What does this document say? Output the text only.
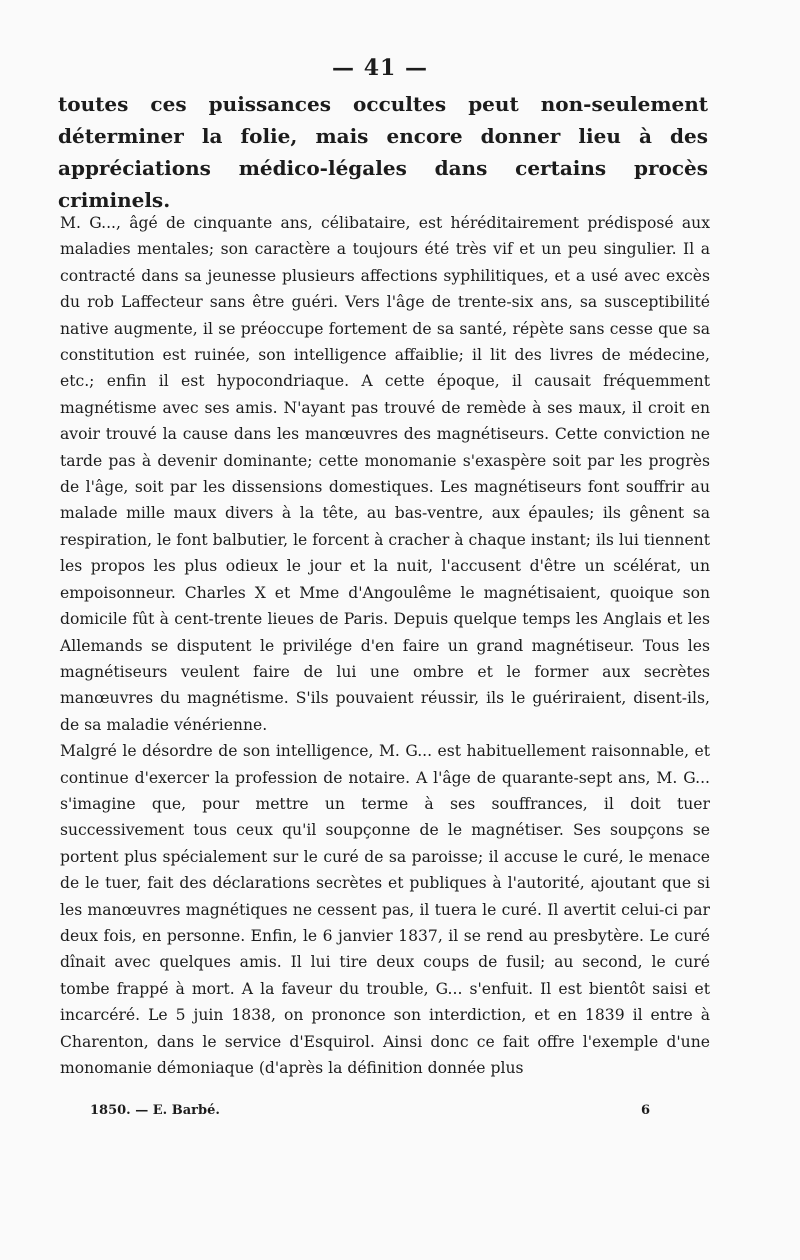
— 41 —

toutes ces puissances occultes peut non-seulement déterminer la folie, mais encore donner lieu à des appréciations médico-légales dans certains procès criminels.

M. G..., âgé de cinquante ans, célibataire, est héréditairement prédisposé aux maladies mentales; son caractère a toujours été très vif et un peu singulier. Il a contracté dans sa jeunesse plusieurs affections syphilitiques, et a usé avec excès du rob Laffecteur sans être guéri. Vers l'âge de trente-six ans, sa susceptibilité native augmente, il se préoccupe fortement de sa santé, répète sans cesse que sa constitution est ruinée, son intelligence affaiblie; il lit des livres de médecine, etc.; enfin il est hypocondriaque. A cette époque, il causait fréquemment magnétisme avec ses amis. N'ayant pas trouvé de remède à ses maux, il croit en avoir trouvé la cause dans les manœuvres des magnétiseurs. Cette conviction ne tarde pas à devenir dominante; cette monomanie s'exaspère soit par les progrès de l'âge, soit par les dissensions domestiques. Les magnétiseurs font souffrir au malade mille maux divers à la tête, au bas-ventre, aux épaules; ils gênent sa respiration, le font balbutier, le forcent à cracher à chaque instant; ils lui tiennent les propos les plus odieux le jour et la nuit, l'accusent d'être un scélérat, un empoisonneur. Charles X et Mme d'Angoulême le magnétisaient, quoique son domicile fût à cent-trente lieues de Paris. Depuis quelque temps les Anglais et les Allemands se disputent le privilége d'en faire un grand magnétiseur. Tous les magnétiseurs veulent faire de lui une ombre et le former aux secrètes manœuvres du magnétisme. S'ils pouvaient réussir, ils le guériraient, disent-ils, de sa maladie vénérienne.

Malgré le désordre de son intelligence, M. G... est habituellement raisonnable, et continue d'exercer la profession de notaire. A l'âge de quarante-sept ans, M. G... s'imagine que, pour mettre un terme à ses souffrances, il doit tuer successivement tous ceux qu'il soupçonne de le magnétiser. Ses soupçons se portent plus spécialement sur le curé de sa paroisse; il accuse le curé, le menace de le tuer, fait des déclarations secrètes et publiques à l'autorité, ajoutant que si les manœuvres magnétiques ne cessent pas, il tuera le curé. Il avertit celui-ci par deux fois, en personne. Enfin, le 6 janvier 1837, il se rend au presbytère. Le curé dînait avec quelques amis. Il lui tire deux coups de fusil; au second, le curé tombe frappé à mort. A la faveur du trouble, G... s'enfuit. Il est bientôt saisi et incarcéré. Le 5 juin 1838, on prononce son interdiction, et en 1839 il entre à Charenton, dans le service d'Esquirol. Ainsi donc ce fait offre l'exemple d'une monomanie démoniaque (d'après la définition donnée plus

1850. — E. Barbé.	6
